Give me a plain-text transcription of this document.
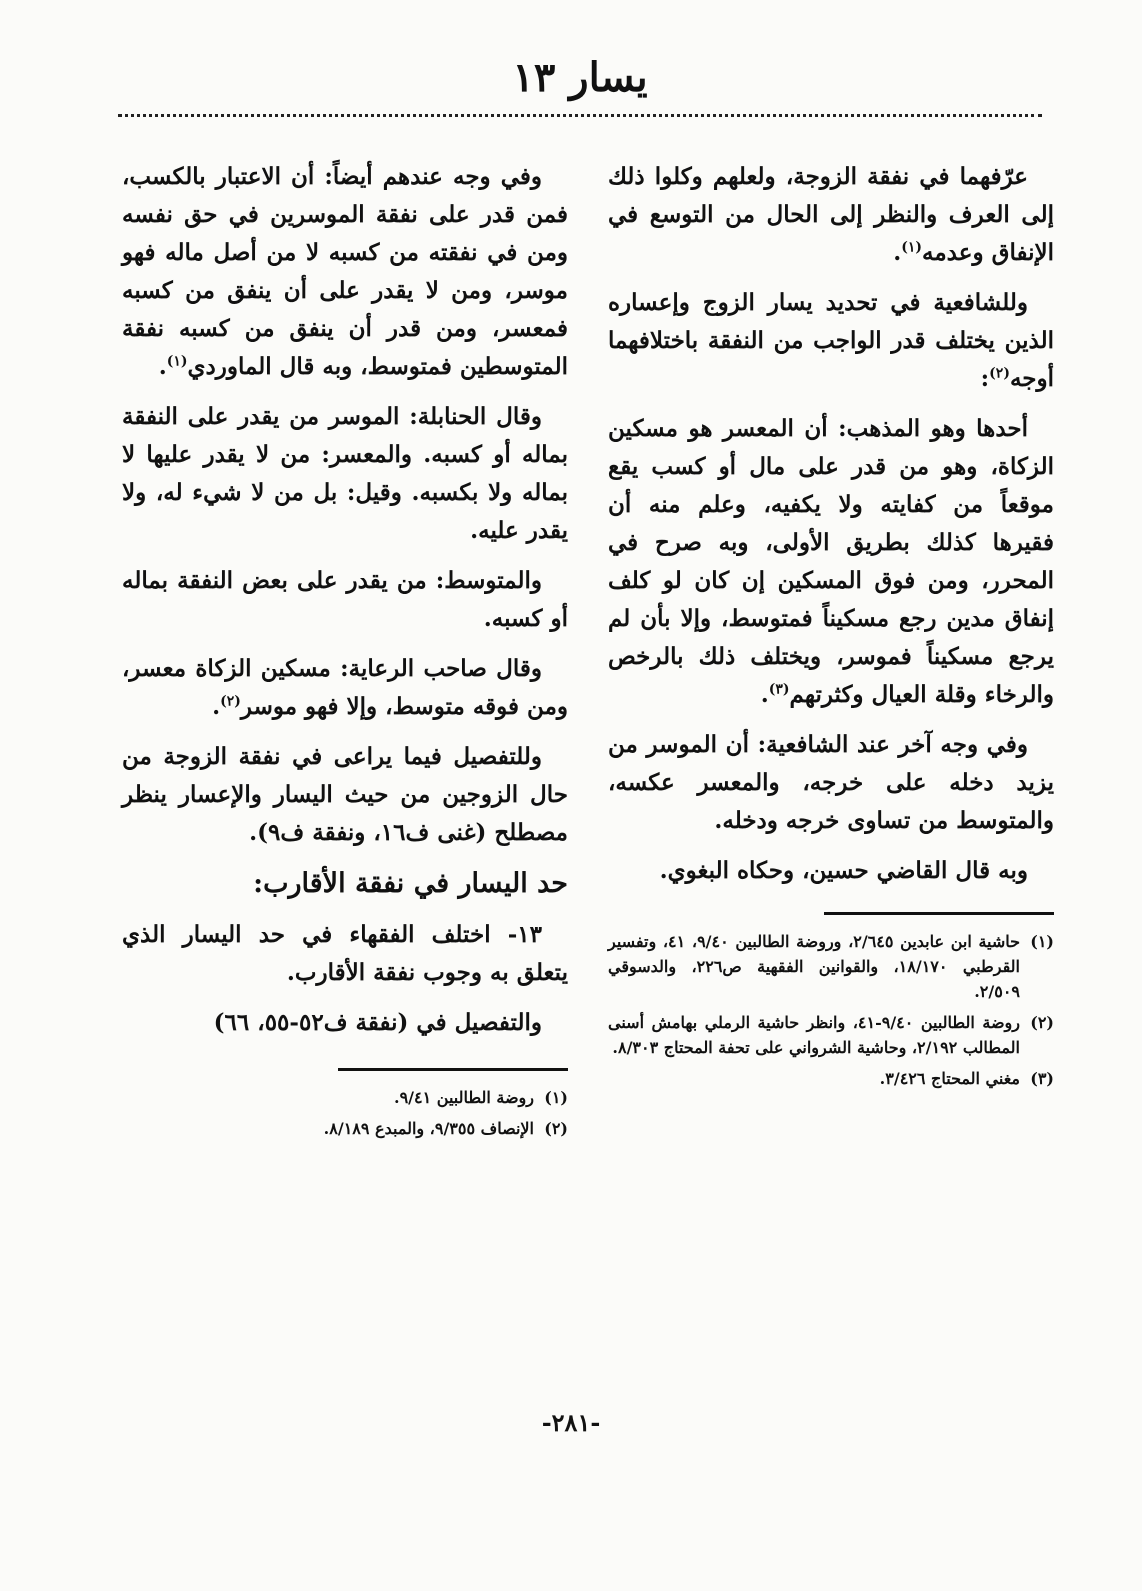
يسار ١٣

عرّفهما في نفقة الزوجة، ولعلهم وكلوا ذلك إلى العرف والنظر إلى الحال من التوسع في الإنفاق وعدمه$^{(١)}$.

وللشافعية في تحديد يسار الزوج وإعساره الذين يختلف قدر الواجب من النفقة باختلافهما أوجه$^{(٢)}$:

أحدها وهو المذهب: أن المعسر هو مسكين الزكاة، وهو من قدر على مال أو كسب يقع موقعاً من كفايته ولا يكفيه، وعلم منه أن فقيرها كذلك بطريق الأولى، وبه صرح في المحرر، ومن فوق المسكين إن كان لو كلف إنفاق مدين رجع مسكيناً فمتوسط، وإلا بأن لم يرجع مسكيناً فموسر، ويختلف ذلك بالرخص والرخاء وقلة العيال وكثرتهم$^{(٣)}$.

وفي وجه آخر عند الشافعية: أن الموسر من يزيد دخله على خرجه، والمعسر عكسه، والمتوسط من تساوى خرجه ودخله.

وبه قال القاضي حسين، وحكاه البغوي.

(١)
حاشية ابن عابدين ٢/٦٤٥، وروضة الطالبين ٩/٤٠، ٤١، وتفسير القرطبي ١٨/١٧٠، والقوانين الفقهية ص٢٢٦، والدسوقي ٢/٥٠٩.
(٢)
روضة الطالبين ٩/٤٠-٤١، وانظر حاشية الرملي بهامش أسنى المطالب ٢/١٩٢، وحاشية الشرواني على تحفة المحتاج ٨/٣٠٣.
(٣)
مغني المحتاج ٣/٤٢٦.

وفي وجه عندهم أيضاً: أن الاعتبار بالكسب، فمن قدر على نفقة الموسرين في حق نفسه ومن في نفقته من كسبه لا من أصل ماله فهو موسر، ومن لا يقدر على أن ينفق من كسبه فمعسر، ومن قدر أن ينفق من كسبه نفقة المتوسطين فمتوسط، وبه قال الماوردي$^{(١)}$.

وقال الحنابلة: الموسر من يقدر على النفقة بماله أو كسبه. والمعسر: من لا يقدر عليها لا بماله ولا بكسبه. وقيل: بل من لا شيء له، ولا يقدر عليه.

والمتوسط: من يقدر على بعض النفقة بماله أو كسبه.

وقال صاحب الرعاية: مسكين الزكاة معسر، ومن فوقه متوسط، وإلا فهو موسر$^{(٢)}$.

وللتفصيل فيما يراعى في نفقة الزوجة من حال الزوجين من حيث اليسار والإعسار ينظر مصطلح (غنى ف١٦، ونفقة ف٩).

حد اليسار في نفقة الأقارب:

١٣- اختلف الفقهاء في حد اليسار الذي يتعلق به وجوب نفقة الأقارب.

والتفصيل في (نفقة ف٥٢-٥٥، ٦٦)

(١)
روضة الطالبين ٩/٤١.
(٢)
الإنصاف ٩/٣٥٥، والمبدع ٨/١٨٩.
-٢٨١-
